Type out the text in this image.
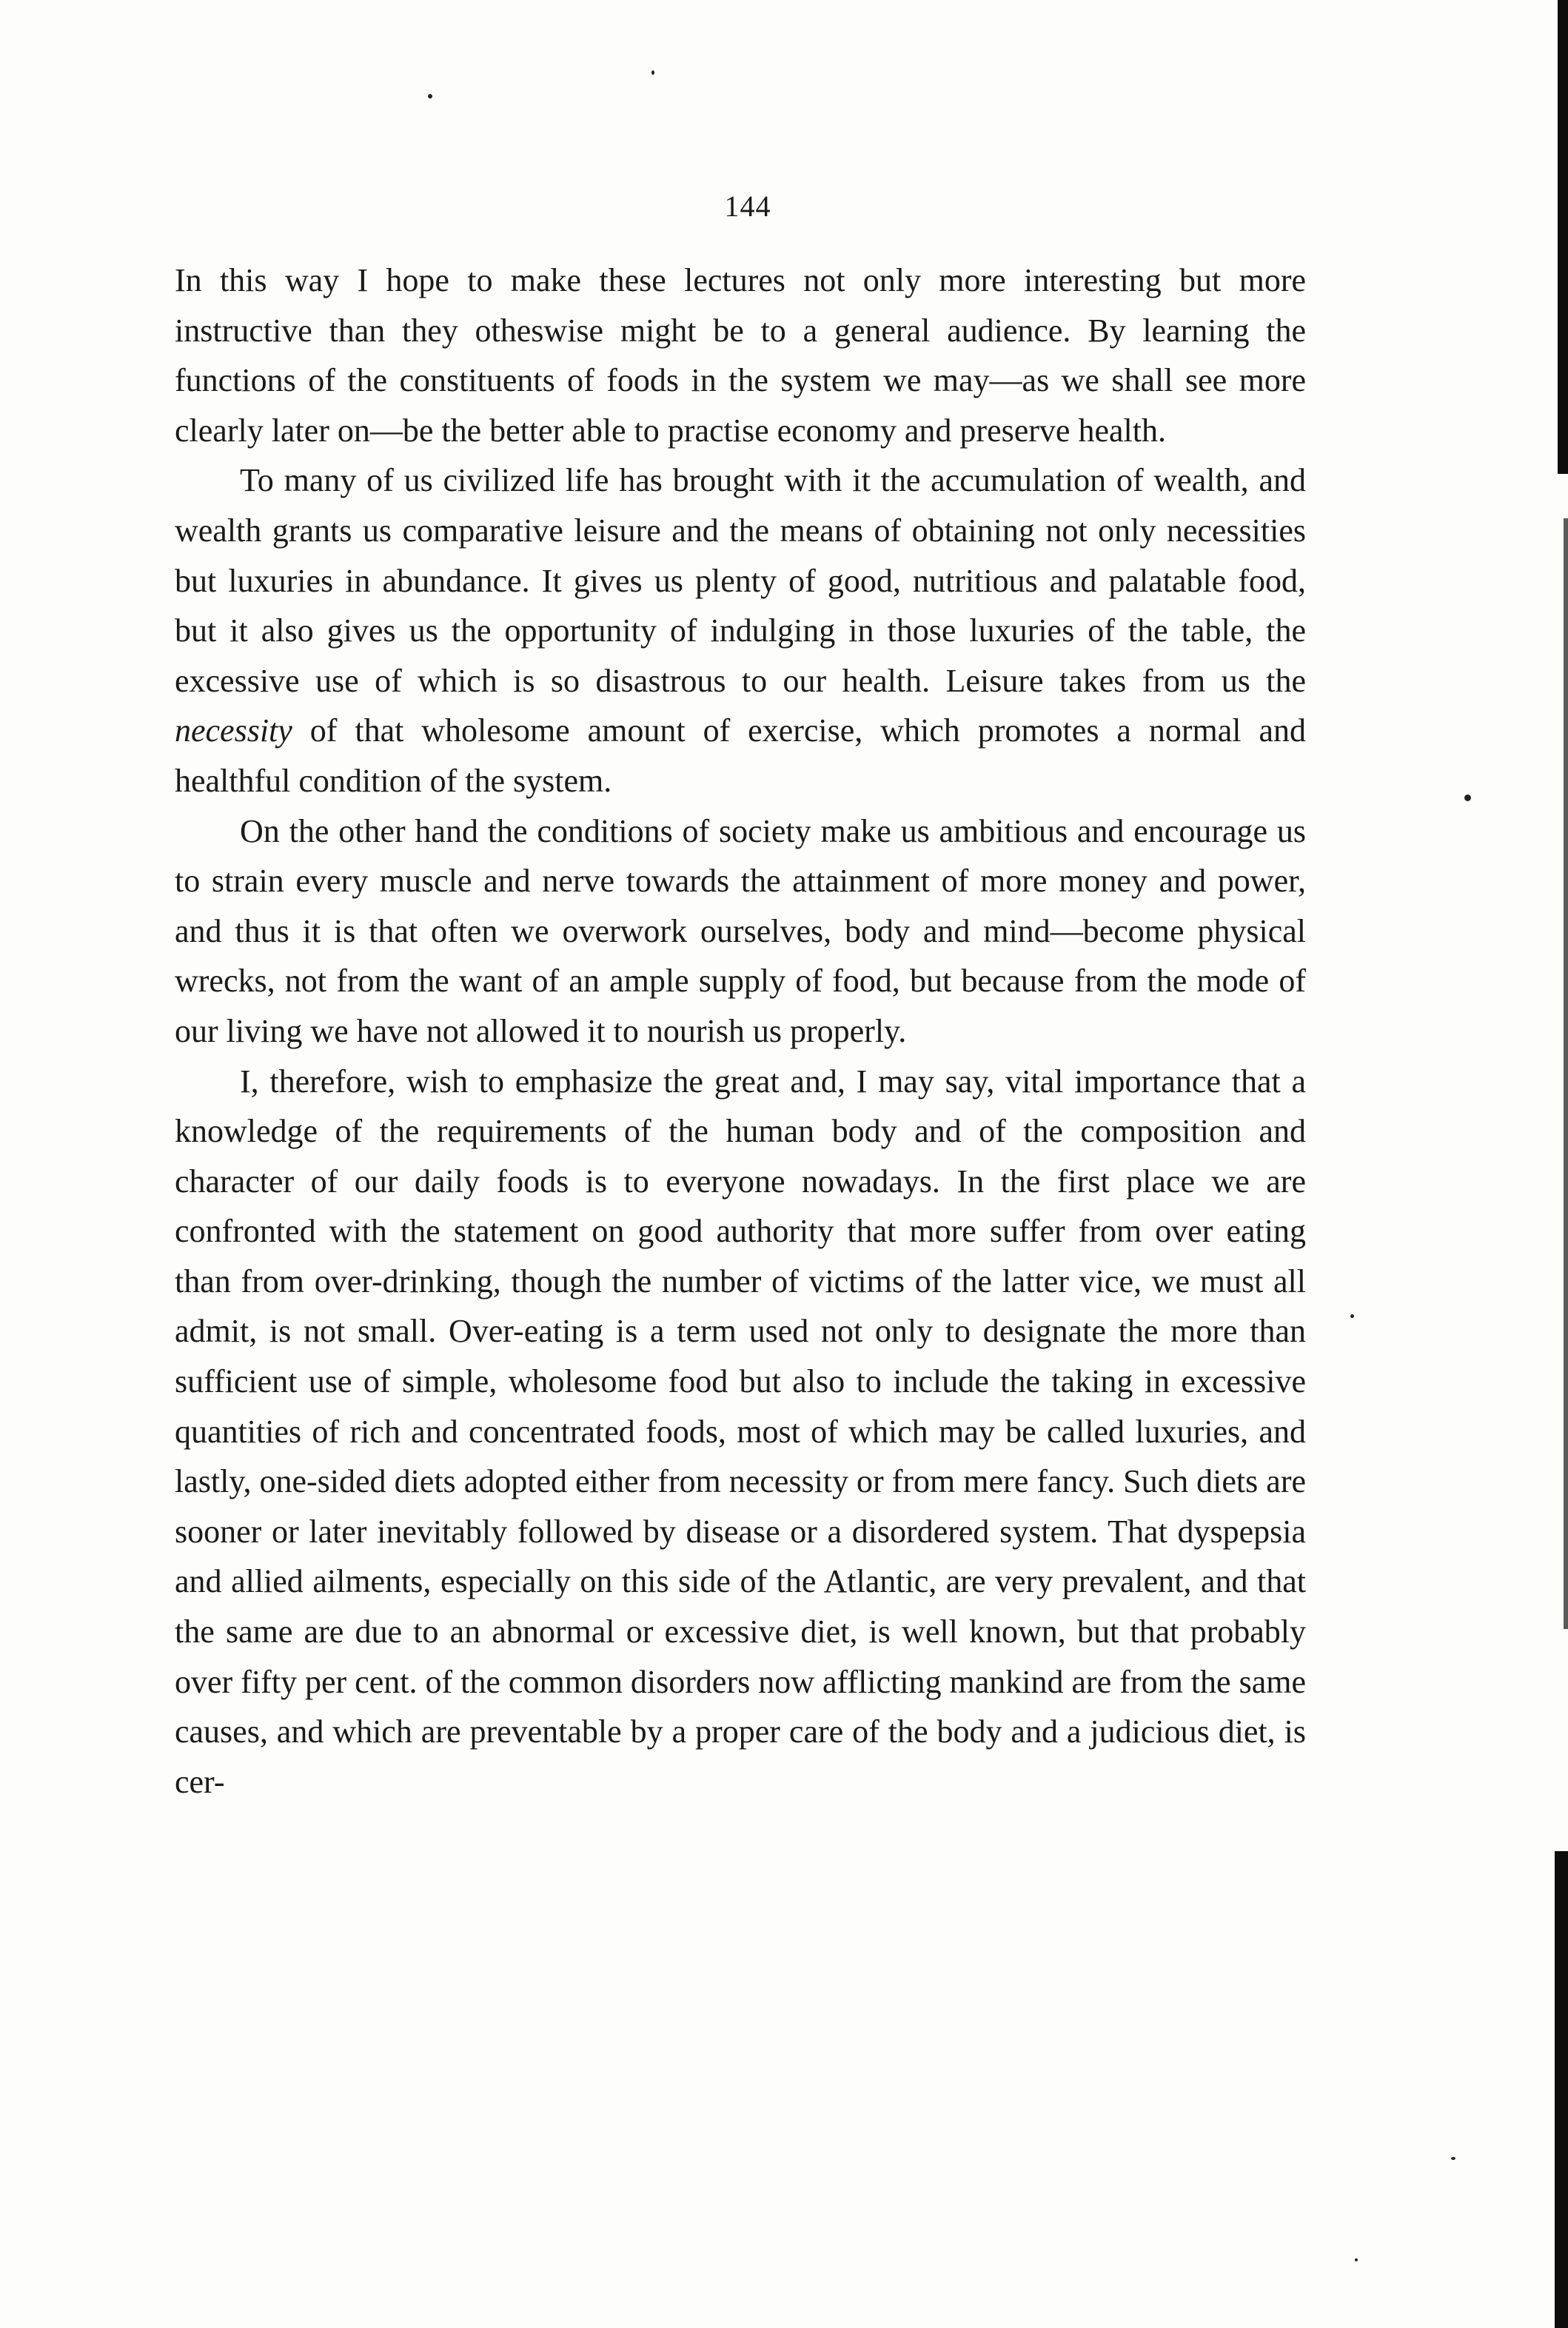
144

In this way I hope to make these lectures not only more interesting but more instructive than they otheswise might be to a general audience. By learning the functions of the constituents of foods in the system we may—as we shall see more clearly later on—be the better able to practise economy and preserve health.

To many of us civilized life has brought with it the accumulation of wealth, and wealth grants us comparative leisure and the means of obtaining not only necessities but luxuries in abundance. It gives us plenty of good, nutritious and palatable food, but it also gives us the opportunity of indulging in those luxuries of the table, the excessive use of which is so disastrous to our health. Leisure takes from us the necessity of that wholesome amount of exercise, which promotes a normal and healthful condition of the system.

On the other hand the conditions of society make us ambitious and encourage us to strain every muscle and nerve towards the attainment of more money and power, and thus it is that often we overwork ourselves, body and mind—become physical wrecks, not from the want of an ample supply of food, but because from the mode of our living we have not allowed it to nourish us properly.

I, therefore, wish to emphasize the great and, I may say, vital importance that a knowledge of the requirements of the human body and of the composition and character of our daily foods is to everyone nowadays. In the first place we are confronted with the statement on good authority that more suffer from over eating than from over-drinking, though the number of victims of the latter vice, we must all admit, is not small. Over-eating is a term used not only to designate the more than sufficient use of simple, wholesome food but also to include the taking in excessive quantities of rich and concentrated foods, most of which may be called luxuries, and lastly, one-sided diets adopted either from necessity or from mere fancy. Such diets are sooner or later inevitably followed by disease or a disordered system. That dyspepsia and allied ailments, especially on this side of the Atlantic, are very prevalent, and that the same are due to an abnormal or excessive diet, is well known, but that probably over fifty per cent. of the common disorders now afflicting mankind are from the same causes, and which are preventable by a proper care of the body and a judicious diet, is cer-
